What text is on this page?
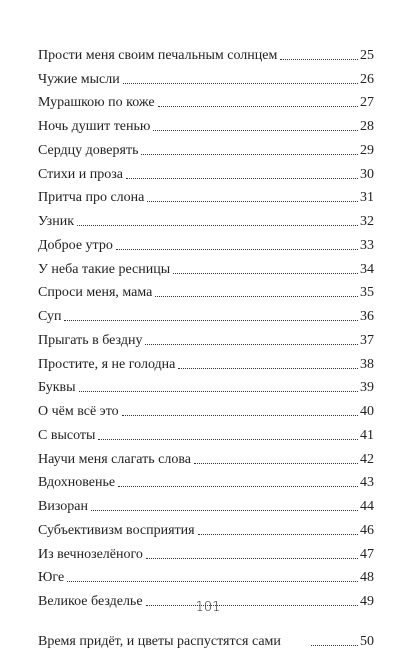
Прости меня своим печальным солнцем	25
Чужие мысли	26
Мурашкою по коже	27
Ночь душит тенью	28
Сердцу доверять	29
Стихи и проза	30
Притча про слона	31
Узник	32
Доброе утро	33
У неба такие ресницы	34
Спроси меня, мама	35
Суп	36
Прыгать в бездну	37
Простите, я не голодна	38
Буквы	39
О чём всё это	40
С высоты	41
Научи меня слагать слова	42
Вдохновенье	43
Визоран	44
Субъективизм восприятия	46
Из вечнозелёного	47
Юге	48
Великое безделье	49
Время придёт, и цветы распустятся сами	50
101
